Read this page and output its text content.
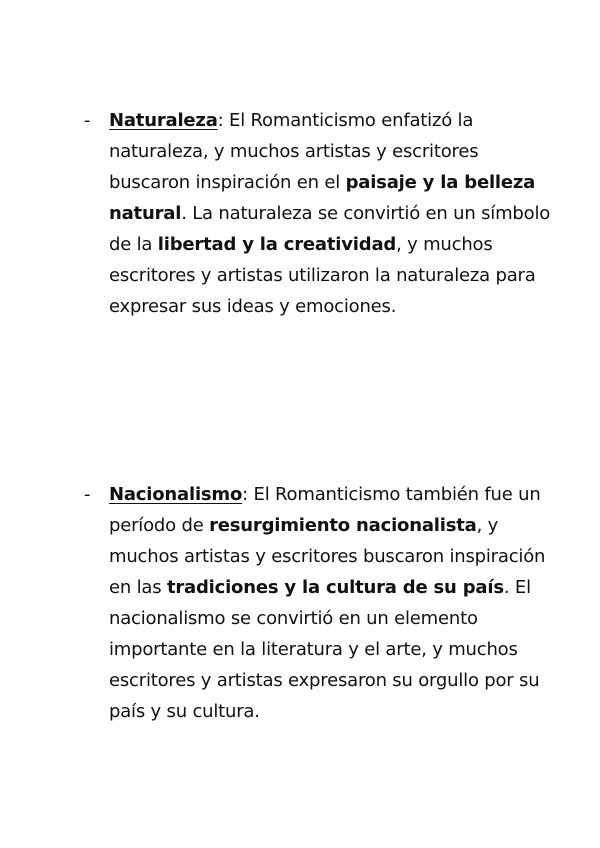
-	Naturaleza: El Romanticismo enfatizó la naturaleza, y muchos artistas y escritores buscaron inspiración en el paisaje y la belleza natural. La naturaleza se convirtió en un símbolo de la libertad y la creatividad, y muchos escritores y artistas utilizaron la naturaleza para expresar sus ideas y emociones.
-	Nacionalismo: El Romanticismo también fue un período de resurgimiento nacionalista, y muchos artistas y escritores buscaron inspiración en las tradiciones y la cultura de su país. El nacionalismo se convirtió en un elemento importante en la literatura y el arte, y muchos escritores y artistas expresaron su orgullo por su país y su cultura.
